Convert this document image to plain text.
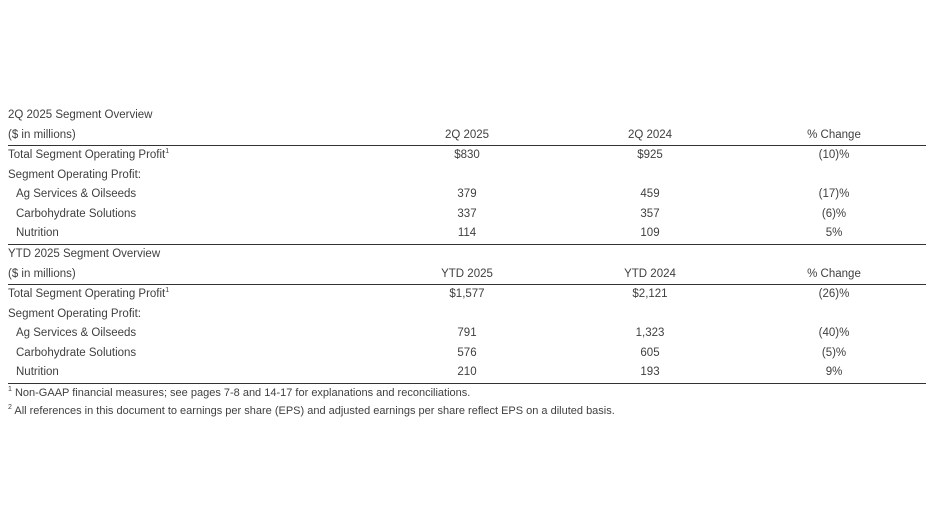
2Q 2025 Segment Overview
($ in millions)	2Q 2025	2Q 2024	% Change
Total Segment Operating Profit$^1$	$830	$925	(10)%
Segment Operating Profit:
Ag Services & Oilseeds	379	459	(17)%
Carbohydrate Solutions	337	357	(6)%
Nutrition	114	109	5%
YTD 2025 Segment Overview
($ in millions)	YTD 2025	YTD 2024	% Change
Total Segment Operating Profit$^1$	$1,577	$2,121	(26)%
Segment Operating Profit:
Ag Services & Oilseeds	791	1,323	(40)%
Carbohydrate Solutions	576	605	(5)%
Nutrition	210	193	9%
$^1$ Non-GAAP financial measures; see pages 7-8 and 14-17 for explanations and reconciliations.
$^2$ All references in this document to earnings per share (EPS) and adjusted earnings per share reflect EPS on a diluted basis.
